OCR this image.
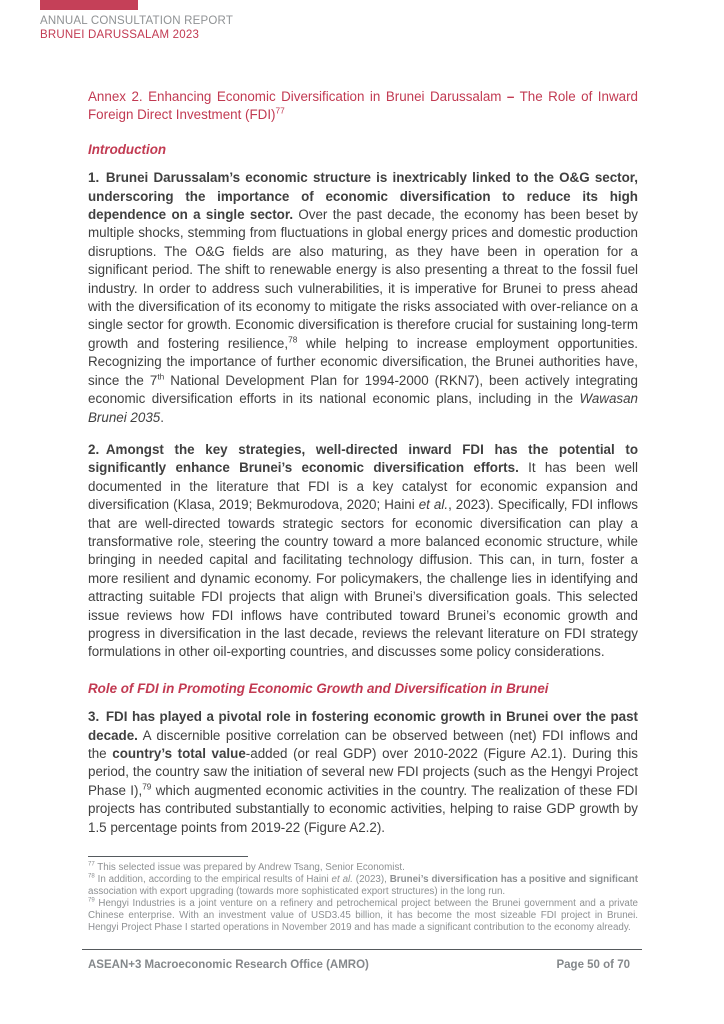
ANNUAL CONSULTATION REPORT
BRUNEI DARUSSALAM 2023
Annex 2. Enhancing Economic Diversification in Brunei Darussalam – The Role of Inward Foreign Direct Investment (FDI)$^{77}$
Introduction

1. Brunei Darussalam’s economic structure is inextricably linked to the O&G sector, underscoring the importance of economic diversification to reduce its high dependence on a single sector. Over the past decade, the economy has been beset by multiple shocks, stemming from fluctuations in global energy prices and domestic production disruptions. The O&G fields are also maturing, as they have been in operation for a significant period. The shift to renewable energy is also presenting a threat to the fossil fuel industry. In order to address such vulnerabilities, it is imperative for Brunei to press ahead with the diversification of its economy to mitigate the risks associated with over-reliance on a single sector for growth. Economic diversification is therefore crucial for sustaining long-term growth and fostering resilience,$^{78}$ while helping to increase employment opportunities. Recognizing the importance of further economic diversification, the Brunei authorities have, since the 7th National Development Plan for 1994-2000 (RKN7), been actively integrating economic diversification efforts in its national economic plans, including in the Wawasan Brunei 2035.

2. Amongst the key strategies, well-directed inward FDI has the potential to significantly enhance Brunei’s economic diversification efforts. It has been well documented in the literature that FDI is a key catalyst for economic expansion and diversification (Klasa, 2019; Bekmurodova, 2020; Haini et al., 2023). Specifically, FDI inflows that are well-directed towards strategic sectors for economic diversification can play a transformative role, steering the country toward a more balanced economic structure, while bringing in needed capital and facilitating technology diffusion. This can, in turn, foster a more resilient and dynamic economy. For policymakers, the challenge lies in identifying and attracting suitable FDI projects that align with Brunei’s diversification goals. This selected issue reviews how FDI inflows have contributed toward Brunei’s economic growth and progress in diversification in the last decade, reviews the relevant literature on FDI strategy formulations in other oil-exporting countries, and discusses some policy considerations.

Role of FDI in Promoting Economic Growth and Diversification in Brunei

3. FDI has played a pivotal role in fostering economic growth in Brunei over the past decade. A discernible positive correlation can be observed between (net) FDI inflows and the country’s total value-added (or real GDP) over 2010-2022 (Figure A2.1). During this period, the country saw the initiation of several new FDI projects (such as the Hengyi Project Phase I),$^{79}$ which augmented economic activities in the country. The realization of these FDI projects has contributed substantially to economic activities, helping to raise GDP growth by 1.5 percentage points from 2019-22 (Figure A2.2).

$^{77}$ This selected issue was prepared by Andrew Tsang, Senior Economist.

$^{78}$ In addition, according to the empirical results of Haini et al. (2023), Brunei’s diversification has a positive and significant association with export upgrading (towards more sophisticated export structures) in the long run.

$^{79}$ Hengyi Industries is a joint venture on a refinery and petrochemical project between the Brunei government and a private Chinese enterprise. With an investment value of USD3.45 billion, it has become the most sizeable FDI project in Brunei. Hengyi Project Phase I started operations in November 2019 and has made a significant contribution to the economy already.

ASEAN+3 Macroeconomic Research Office (AMRO)	Page 50 of 70
